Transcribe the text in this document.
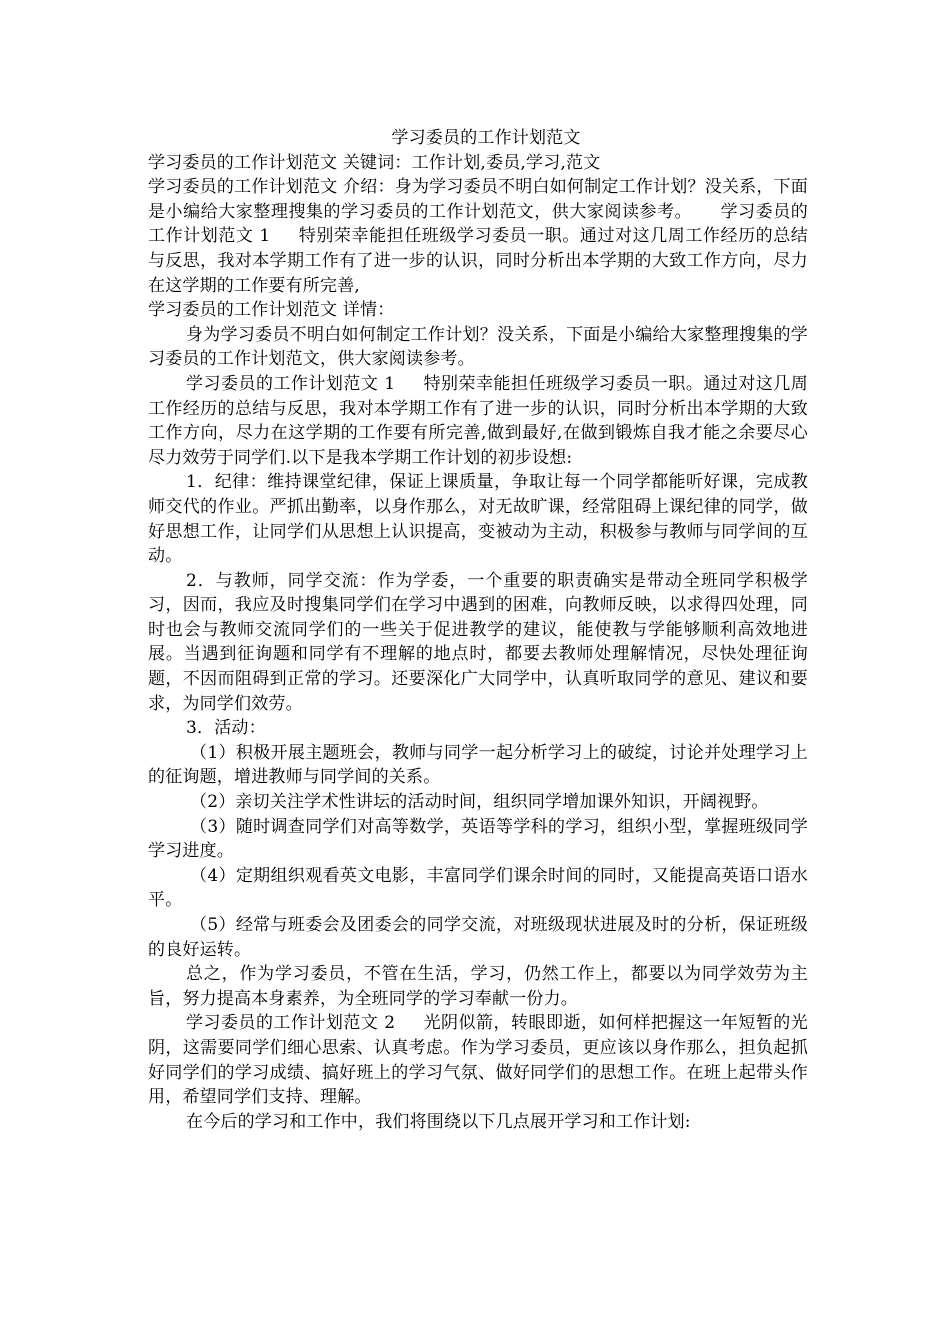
学习委员的工作计划范文

学习委员的工作计划范文 关键词：工作计划,委员,学习,范文

学习委员的工作计划范文 介绍：身为学习委员不明白如何制定工作计划？没关系，下面是小编给大家整理搜集的学习委员的工作计划范文，供大家阅读参考。 学习委员的工作计划范文 1 特别荣幸能担任班级学习委员一职。通过对这几周工作经历的总结与反思，我对本学期工作有了进一步的认识，同时分析出本学期的大致工作方向，尽力在这学期的工作要有所完善,

学习委员的工作计划范文 详情：

身为学习委员不明白如何制定工作计划？没关系，下面是小编给大家整理搜集的学习委员的工作计划范文，供大家阅读参考。

学习委员的工作计划范文 1 特别荣幸能担任班级学习委员一职。通过对这几周工作经历的总结与反思，我对本学期工作有了进一步的认识，同时分析出本学期的大致工作方向，尽力在这学期的工作要有所完善,做到最好,在做到锻炼自我才能之余要尽心尽力效劳于同学们.以下是我本学期工作计划的初步设想:

1．纪律：维持课堂纪律，保证上课质量，争取让每一个同学都能听好课，完成教师交代的作业。严抓出勤率，以身作那么，对无故旷课，经常阻碍上课纪律的同学，做好思想工作，让同学们从思想上认识提高，变被动为主动，积极参与教师与同学间的互动。

2．与教师，同学交流：作为学委，一个重要的职责确实是带动全班同学积极学习，因而，我应及时搜集同学们在学习中遇到的困难，向教师反映，以求得四处理，同时也会与教师交流同学们的一些关于促进教学的建议，能使教与学能够顺利高效地进展。当遇到征询题和同学有不理解的地点时，都要去教师处理解情况，尽快处理征询题，不因而阻碍到正常的学习。还要深化广大同学中，认真听取同学的意见、建议和要求，为同学们效劳。

3．活动：

（1）积极开展主题班会，教师与同学一起分析学习上的破绽，讨论并处理学习上的征询题，增进教师与同学间的关系。

（2）亲切关注学术性讲坛的活动时间，组织同学增加课外知识，开阔视野。

（3）随时调查同学们对高等数学，英语等学科的学习，组织小型，掌握班级同学学习进度。

（4）定期组织观看英文电影，丰富同学们课余时间的同时，又能提高英语口语水平。

（5）经常与班委会及团委会的同学交流，对班级现状进展及时的分析，保证班级的良好运转。

总之，作为学习委员，不管在生活，学习，仍然工作上，都要以为同学效劳为主旨，努力提高本身素养，为全班同学的学习奉献一份力。

学习委员的工作计划范文 2 光阴似箭，转眼即逝，如何样把握这一年短暂的光阴，这需要同学们细心思索、认真考虑。作为学习委员，更应该以身作那么，担负起抓好同学们的学习成绩、搞好班上的学习气氛、做好同学们的思想工作。在班上起带头作用，希望同学们支持、理解。

在今后的学习和工作中，我们将围绕以下几点展开学习和工作计划:
